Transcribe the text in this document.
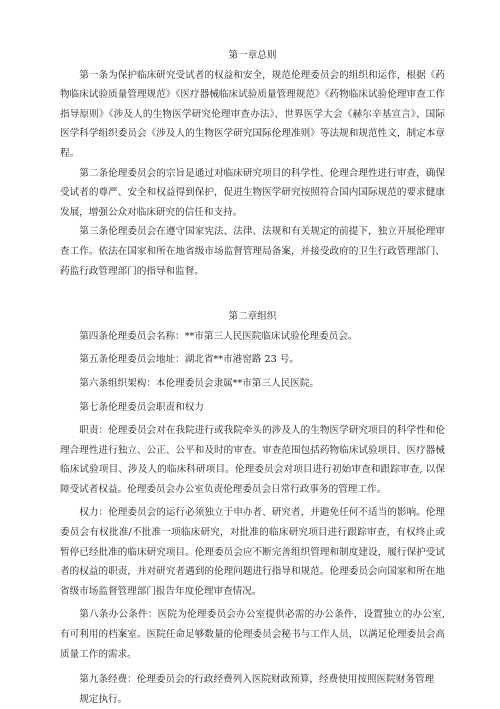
第一章总则

第一条为保护临床研究受试者的权益和安全，规范伦理委员会的组织和运作，根据《药物临床试验质量管理规范》《医疗器械临床试验质量管理规范》《药物临床试验伦理审查工作指导原则》《涉及人的生物医学研究伦理审查办法》、世界医学大会《赫尔辛基宣言》、国际医学科学组织委员会《涉及人的生物医学研究国际伦理准则》等法规和规范性文，制定本章程。

第二条伦理委员会的宗旨是通过对临床研究项目的科学性、伦理合理性进行审查，确保受试者的尊严、安全和权益得到保护，促进生物医学研究按照符合国内国际规范的要求健康发展，增强公众对临床研究的信任和支持。

第三条伦理委员会在遵守国家宪法、法律、法规和有关规定的前提下，独立开展伦理审查工作。依法在国家和所在地省级市场监督管理局备案，并接受政府的卫生行政管理部门、药监行政管理部门的指导和监督。

第二章组织

第四条伦理委员会名称：**市第三人民医院临床试验伦理委员会。

第五条伦理委员会地址：湖北省**市港窑路 23 号。

第六条组织架构：本伦理委员会隶属**市第三人民医院。

第七条伦理委员会职责和权力

职责：伦理委员会对在我院进行或我院牵头的涉及人的生物医学研究项目的科学性和伦理合理性进行独立、公正、公平和及时的审查。审查范围包括药物临床试验项目、医疗器械临床试验项目、涉及人的临床科研项目。伦理委员会对项目进行初始审查和跟踪审查, 以保障受试者权益。伦理委员会办公室负责伦理委员会日常行政事务的管理工作。

权力：伦理委员会的运行必须独立于申办者、研究者，并避免任何不适当的影响。伦理委员会有权批准/不批准一项临床研究，对批准的临床研究项目进行跟踪审查，有权终止或暂停已经批准的临床研究项目。伦理委员会应不断完善组织管理和制度建设，履行保护受试者的权益的职责，并对研究者遇到的伦理问题进行指导和规范。伦理委员会向国家和所在地省级市场监督管理部门报告年度伦理审查情况。

第八条办公条件：医院为伦理委员会办公室提供必需的办公条件，设置独立的办公室, 有可利用的档案室。医院任命足够数量的伦理委员会秘书与工作人员，以满足伦理委员会高质量工作的需求。

第九条经费：伦理委员会的行政经费列入医院财政预算，经费使用按照医院财务管理
规定执行。
